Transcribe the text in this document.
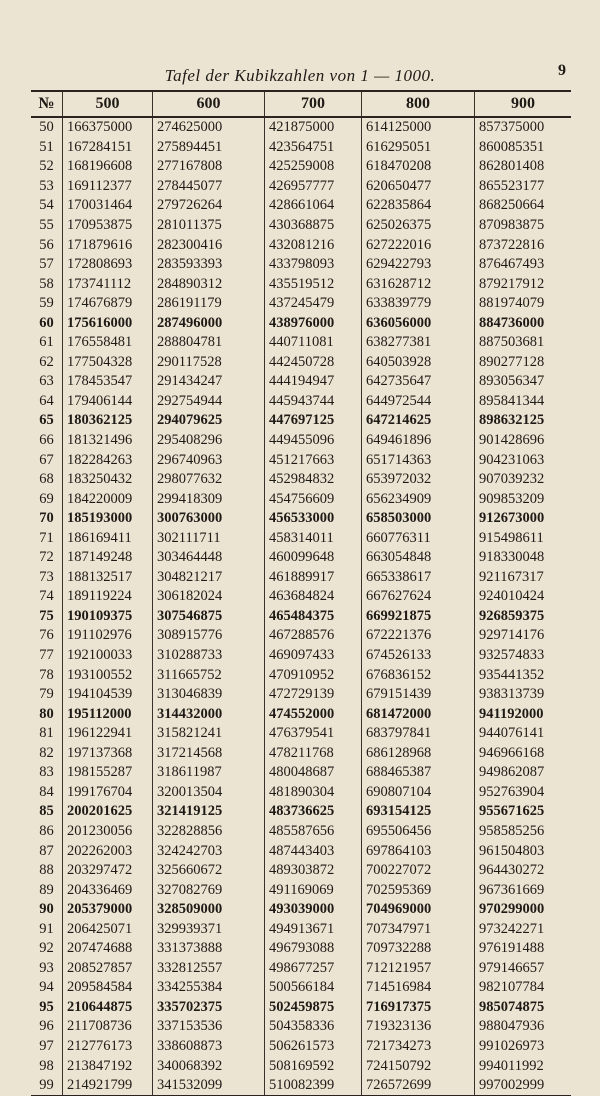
Tafel der Kubikzahlen von 1 — 1000.	9
№	500	600	700	800	900
50 166375000	274625000	421875000	614125000	857375000
51 167284151	275894451	423564751	616295051	860085351
52 168196608	277167808	425259008	618470208	862801408
53 169112377	278445077	426957777	620650477	865523177
54 170031464	279726264	428661064	622835864	868250664
55 170953875	281011375	430368875	625026375	870983875
56 171879616	282300416	432081216	627222016	873722816
57 172808693	283593393	433798093	629422793	876467493
58 173741112	284890312	435519512	631628712	879217912
59 174676879	286191179	437245479	633839779	881974079
60 175616000	287496000	438976000	636056000	884736000
61 176558481	288804781	440711081	638277381	887503681
62 177504328	290117528	442450728	640503928	890277128
63 178453547	291434247	444194947	642735647	893056347
64 179406144	292754944	445943744	644972544	895841344
65 180362125	294079625	447697125	647214625	898632125
66 181321496	295408296	449455096	649461896	901428696
67 182284263	296740963	451217663	651714363	904231063
68 183250432	298077632	452984832	653972032	907039232
69 184220009	299418309	454756609	656234909	909853209
70 185193000	300763000	456533000	658503000	912673000
71 186169411	302111711	458314011	660776311	915498611
72 187149248	303464448	460099648	663054848	918330048
73 188132517	304821217	461889917	665338617	921167317
74 189119224	306182024	463684824	667627624	924010424
75 190109375	307546875	465484375	669921875	926859375
76 191102976	308915776	467288576	672221376	929714176
77 192100033	310288733	469097433	674526133	932574833
78 193100552	311665752	470910952	676836152	935441352
79 194104539	313046839	472729139	679151439	938313739
80 195112000	314432000	474552000	681472000	941192000
81 196122941	315821241	476379541	683797841	944076141
82 197137368	317214568	478211768	686128968	946966168
83 198155287	318611987	480048687	688465387	949862087
84 199176704	320013504	481890304	690807104	952763904
85 200201625	321419125	483736625	693154125	955671625
86 201230056	322828856	485587656	695506456	958585256
87 202262003	324242703	487443403	697864103	961504803
88 203297472	325660672	489303872	700227072	964430272
89 204336469	327082769	491169069	702595369	967361669
90 205379000	328509000	493039000	704969000	970299000
91 206425071	329939371	494913671	707347971	973242271
92 207474688	331373888	496793088	709732288	976191488
93 208527857	332812557	498677257	712121957	979146657
94 209584584	334255384	500566184	714516984	982107784
95 210644875	335702375	502459875	716917375	985074875
96 211708736	337153536	504358336	719323136	988047936
97 212776173	338608873	506261573	721734273	991026973
98 213847192	340068392	508169592	724150792	994011992
99 214921799	341532099	510082399	726572699	997002999
